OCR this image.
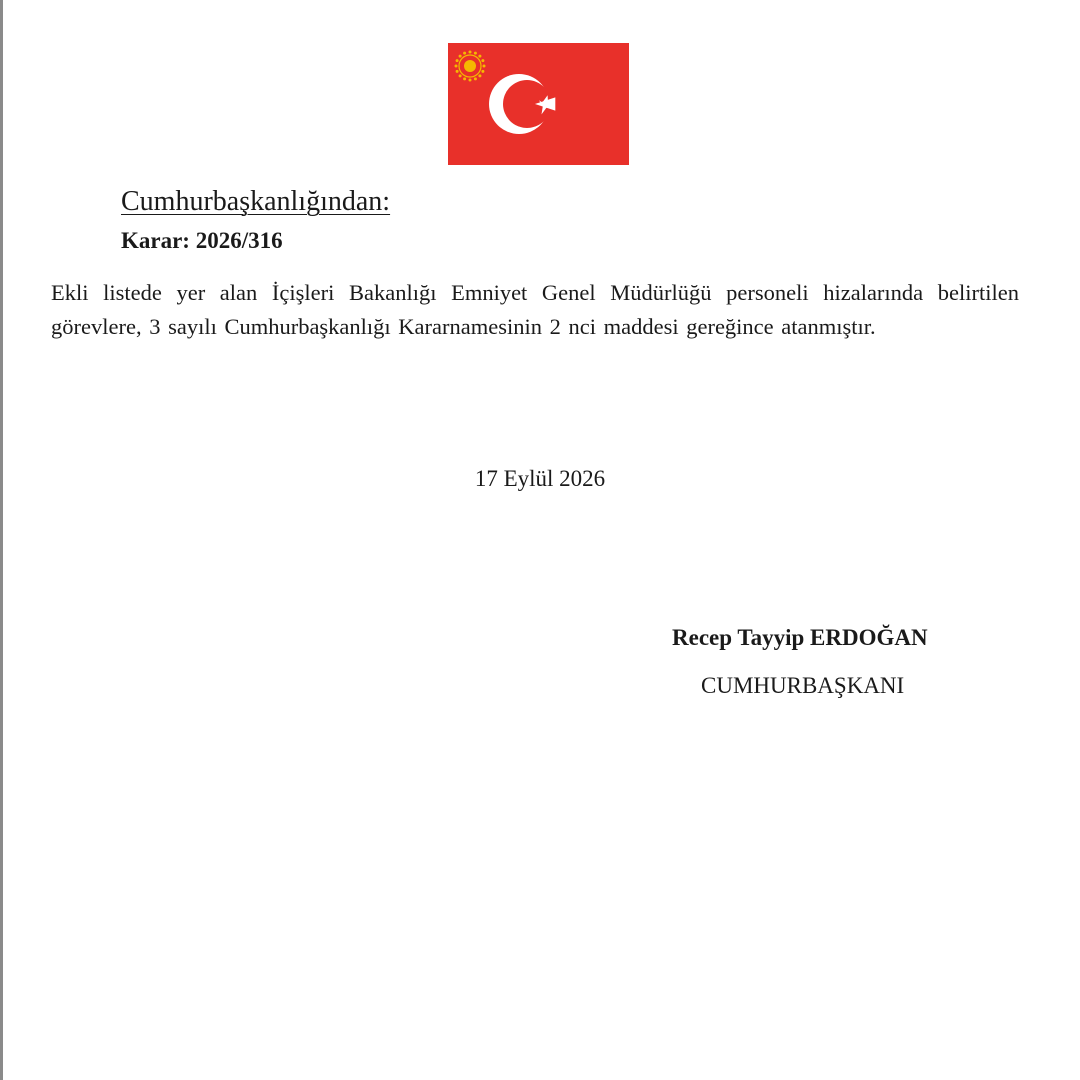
Cumhurbaşkanlığından:
Karar: 2026/316
Ekli listede yer alan İçişleri Bakanlığı Emniyet Genel Müdürlüğü personeli hizalarında belirtilen görevlere, 3 sayılı Cumhurbaşkanlığı Kararnamesinin 2 nci maddesi gereğince atanmıştır.
17 Eylül 2026
Recep Tayyip ERDOĞAN
CUMHURBAŞKANI
